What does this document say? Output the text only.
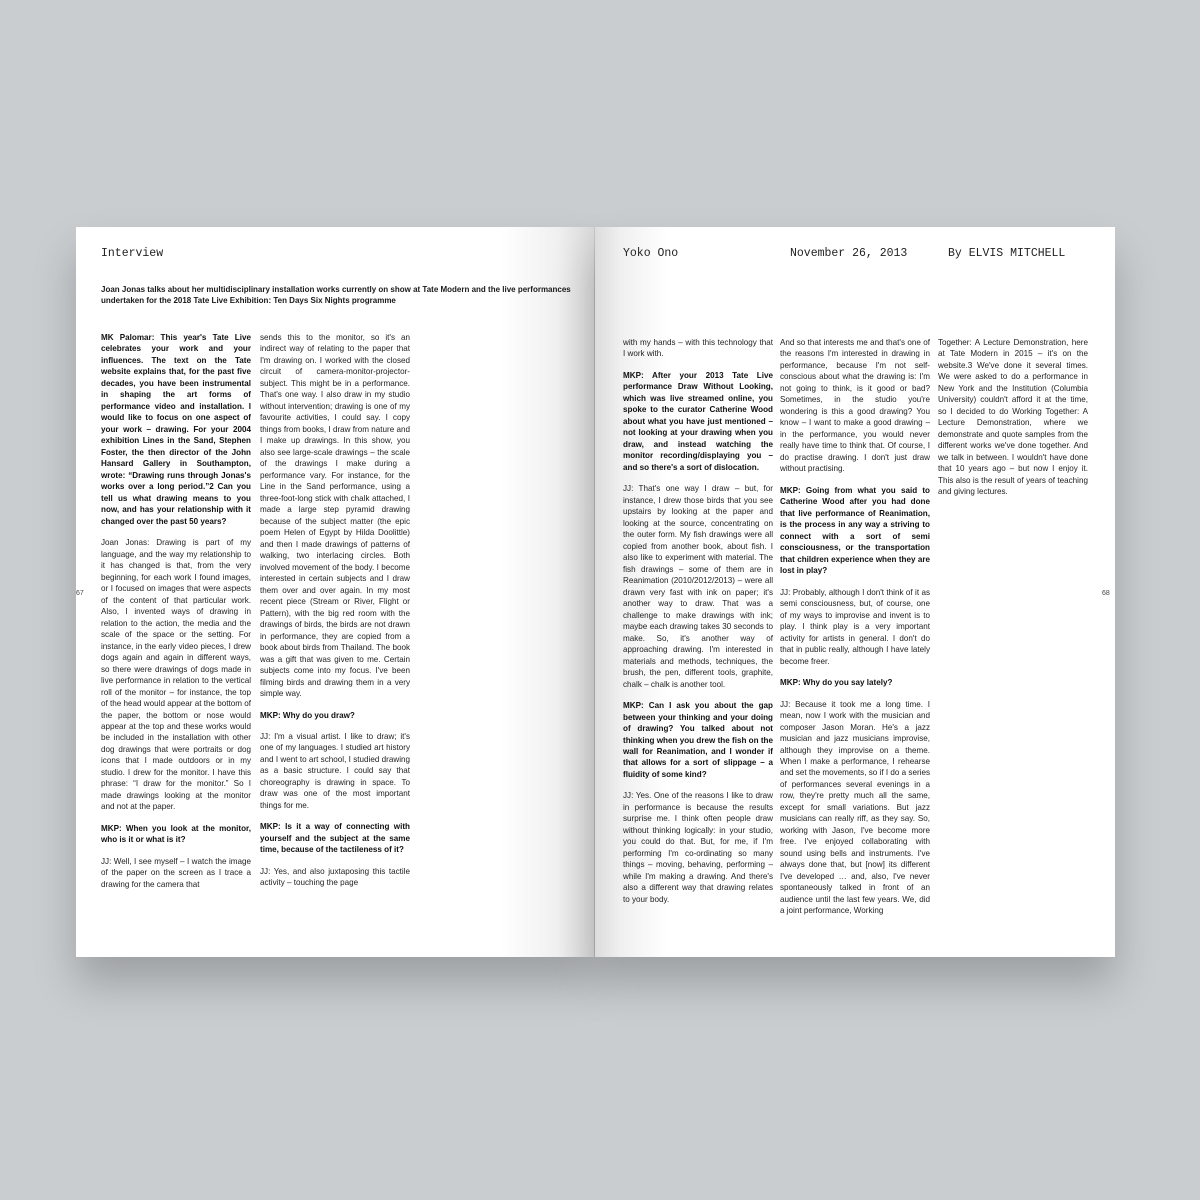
Interview

Joan Jonas talks about her multidisciplinary installation works currently on show at Tate Modern and the live performances undertaken for the 2018 Tate Live Exhibition: Ten Days Six Nights programme

MK Palomar: This year's Tate Live celebrates your work and your influences. The text on the Tate website explains that, for the past five decades, you have been instrumental in shaping the art forms of performance video and installation. I would like to focus on one aspect of your work – drawing. For your 2004 exhibition Lines in the Sand, Stephen Foster, the then director of the John Hansard Gallery in Southampton, wrote: “Drawing runs through Jonas's works over a long period.”2 Can you tell us what drawing means to you now, and has your relationship with it changed over the past 50 years?

Joan Jonas: Drawing is part of my language, and the way my relationship to it has changed is that, from the very beginning, for each work I found images, or I focused on images that were aspects of the content of that particular work. Also, I invented ways of drawing in relation to the action, the media and the scale of the space or the setting. For instance, in the early video pieces, I drew dogs again and again in different ways, so there were drawings of dogs made in live performance in relation to the vertical roll of the monitor – for instance, the top of the head would appear at the bottom of the paper, the bottom or nose would appear at the top and these works would be included in the installation with other dog drawings that were portraits or dog icons that I made outdoors or in my studio. I drew for the monitor. I have this phrase: “I draw for the monitor.” So I made drawings looking at the monitor and not at the paper.

MKP: When you look at the monitor, who is it or what is it?

JJ: Well, I see myself – I watch the image of the paper on the screen as I trace a drawing for the camera that

sends this to the monitor, so it's an indirect way of relating to the paper that I'm drawing on. I worked with the closed circuit of camera-monitor-projector-subject. This might be in a performance. That's one way. I also draw in my studio without intervention; drawing is one of my favourite activities, I could say. I copy things from books, I draw from nature and I make up drawings. In this show, you also see large-scale drawings – the scale of the drawings I make during a performance vary. For instance, for the Line in the Sand performance, using a three-foot-long stick with chalk attached, I made a large step pyramid drawing because of the subject matter (the epic poem Helen of Egypt by Hilda Doolittle) and then I made drawings of patterns of walking, two interlacing circles. Both involved movement of the body. I become interested in certain subjects and I draw them over and over again. In my most recent piece (Stream or River, Flight or Pattern), with the big red room with the drawings of birds, the birds are not drawn in performance, they are copied from a book about birds from Thailand. The book was a gift that was given to me. Certain subjects come into my focus. I've been filming birds and drawing them in a very simple way.

MKP: Why do you draw?

JJ: I'm a visual artist. I like to draw; it's one of my languages. I studied art history and I went to art school, I studied drawing as a basic structure. I could say that choreography is drawing in space. To draw was one of the most important things for me.

MKP: Is it a way of connecting with yourself and the subject at the same time, because of the tactileness of it?

JJ: Yes, and also juxtaposing this tactile activity – touching the page

67
Yoko Ono	November 26, 2013	By ELVIS MITCHELL

with my hands – with this technology that I work with.

MKP: After your 2013 Tate Live performance Draw Without Looking, which was live streamed online, you spoke to the curator Catherine Wood about what you have just mentioned – not looking at your drawing when you draw, and instead watching the monitor recording/displaying you – and so there's a sort of dislocation.

JJ: That's one way I draw – but, for instance, I drew those birds that you see upstairs by looking at the paper and looking at the source, concentrating on the outer form. My fish drawings were all copied from another book, about fish. I also like to experiment with material. The fish drawings – some of them are in Reanimation (2010/2012/2013) – were all drawn very fast with ink on paper; it's another way to draw. That was a challenge to make drawings with ink; maybe each drawing takes 30 seconds to make. So, it's another way of approaching drawing. I'm interested in materials and methods, techniques, the brush, the pen, different tools, graphite, chalk – chalk is another tool.

MKP: Can I ask you about the gap between your thinking and your doing of drawing? You talked about not thinking when you drew the fish on the wall for Reanimation, and I wonder if that allows for a sort of slippage – a fluidity of some kind?

JJ: Yes. One of the reasons I like to draw in performance is because the results surprise me. I think often people draw without thinking logically: in your studio, you could do that. But, for me, if I'm performing I'm co-ordinating so many things – moving, behaving, performing – while I'm making a drawing. And there's also a different way that drawing relates to your body.

And so that interests me and that's one of the reasons I'm interested in drawing in performance, because I'm not self-conscious about what the drawing is: I'm not going to think, is it good or bad? Sometimes, in the studio you're wondering is this a good drawing? You know – I want to make a good drawing – in the performance, you would never really have time to think that. Of course, I do practise drawing. I don't just draw without practising.

MKP: Going from what you said to Catherine Wood after you had done that live performance of Reanimation, is the process in any way a striving to connect with a sort of semi consciousness, or the transportation that children experience when they are lost in play?

JJ: Probably, although I don't think of it as semi consciousness, but, of course, one of my ways to improvise and invent is to play. I think play is a very important activity for artists in general. I don't do that in public really, although I have lately become freer.

MKP: Why do you say lately?

JJ: Because it took me a long time. I mean, now I work with the musician and composer Jason Moran. He's a jazz musician and jazz musicians improvise, although they improvise on a theme. When I make a performance, I rehearse and set the movements, so if I do a series of performances several evenings in a row, they're pretty much all the same, except for small variations. But jazz musicians can really riff, as they say. So, working with Jason, I've become more free. I've enjoyed collaborating with sound using bells and instruments. I've always done that, but [now] its different I've developed … and, also, I've never spontaneously talked in front of an audience until the last few years. We, did a joint performance, Working

Together: A Lecture Demonstration, here at Tate Modern in 2015 – it's on the website.3 We've done it several times. We were asked to do a performance in New York and the Institution (Columbia University) couldn't afford it at the time, so I decided to do Working Together: A Lecture Demonstration, where we demonstrate and quote samples from the different works we've done together. And we talk in between. I wouldn't have done that 10 years ago – but now I enjoy it. This also is the result of years of teaching and giving lectures.

68
